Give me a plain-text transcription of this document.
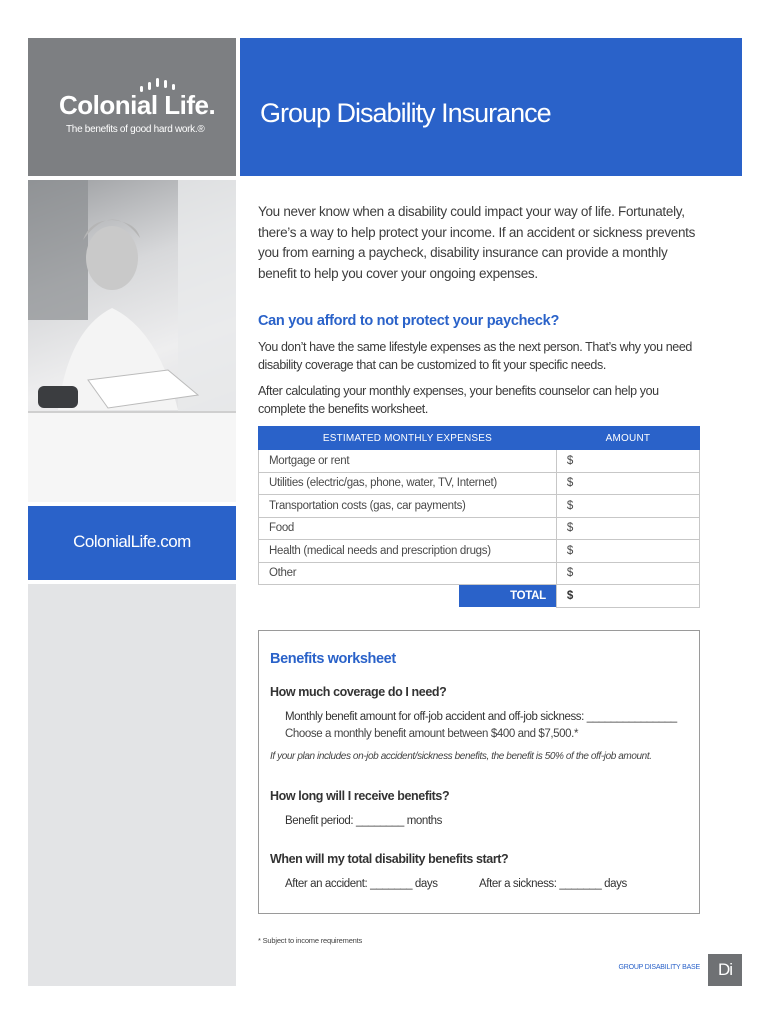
Colonial Life.
The benefits of good hard work.®
ColonialLife.com
Group Disability Insurance
You never know when a disability could impact your way of life. Fortunately, there’s a way to help protect your income. If an accident or sickness prevents you from earning a paycheck, disability insurance can provide a monthly benefit to help you cover your ongoing expenses.
Can you afford to not protect your paycheck?
You don’t have the same lifestyle expenses as the next person. That’s why you need disability coverage that can be customized to fit your specific needs.
After calculating your monthly expenses, your benefits counselor can help you complete the benefits worksheet.
ESTIMATED MONTHLY EXPENSES	AMOUNT
Mortgage or rent	$
Utilities (electric/gas, phone, water, TV, Internet)	$
Transportation costs (gas, car payments)	$
Food	$
Health (medical needs and prescription drugs)	$
Other	$

TOTAL	$
Benefits worksheet
How much coverage do I need?
Monthly benefit amount for off-job accident and off-job sickness: _______________
Choose a monthly benefit amount between $400 and $7,500.*
If your plan includes on-job accident/sickness benefits, the benefit is 50% of the off-job amount.
How long will I receive benefits?
Benefit period: ________ months
When will my total disability benefits start?
After an accident: _______ days	After a sickness: _______ days
* Subject to income requirements
GROUP DISABILITY BASE	Di
